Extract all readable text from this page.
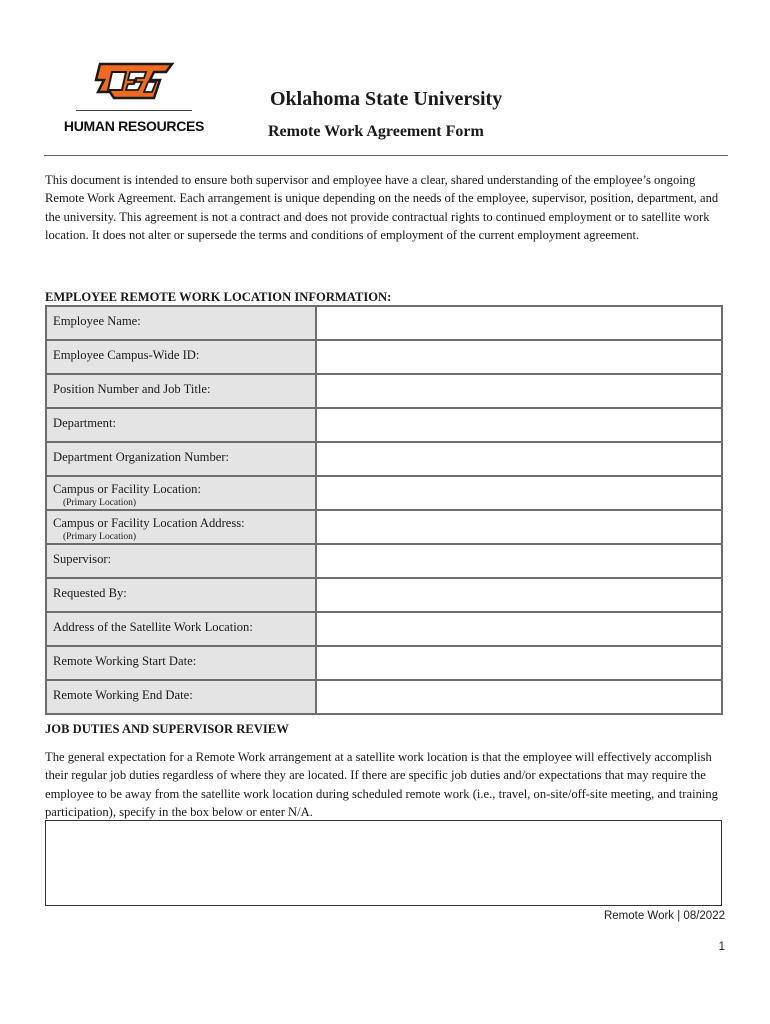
HUMAN RESOURCES
Oklahoma State University
Remote Work Agreement Form

This document is intended to ensure both supervisor and employee have a clear, shared understanding of the employee’s ongoing Remote Work Agreement. Each arrangement is unique depending on the needs of the employee, supervisor, position, department, and the university. This agreement is not a contract and does not provide contractual rights to continued employment or to satellite work location. It does not alter or supersede the terms and conditions of employment of the current employment agreement.

EMPLOYEE REMOTE WORK LOCATION INFORMATION:

Employee Name:	

Employee Campus-Wide ID:	

Position Number and Job Title:	

Department:	

Department Organization Number:	

Campus or Facility Location:
(Primary Location)	

Campus or Facility Location Address:
(Primary Location)	

Supervisor:	

Requested By:	

Address of the Satellite Work Location:	

Remote Working Start Date:	

Remote Working End Date:	

JOB DUTIES AND SUPERVISOR REVIEW

The general expectation for a Remote Work arrangement at a satellite work location is that the employee will effectively accomplish their regular job duties regardless of where they are located. If there are specific job duties and/or expectations that may require the employee to be away from the satellite work location during scheduled remote work (i.e., travel, on-site/off-site meeting, and training participation), specify in the box below or enter N/A.

Remote Work | 08/2022
1
